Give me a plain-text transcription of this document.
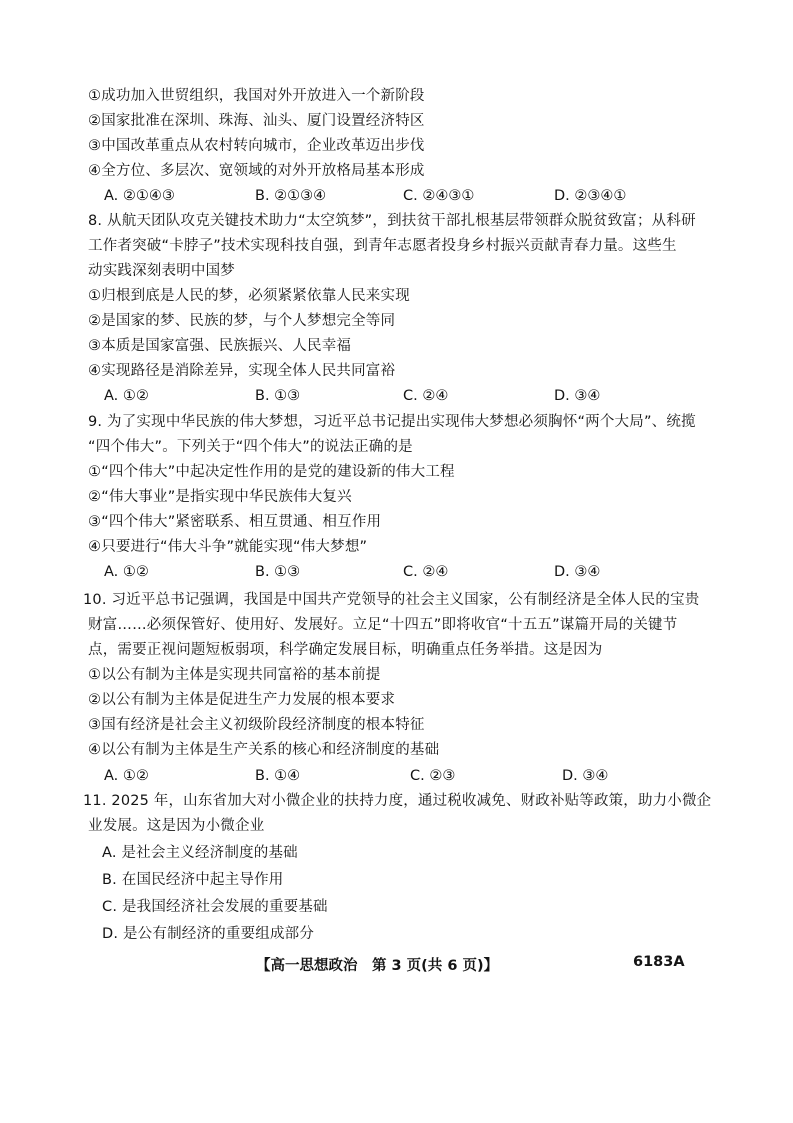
①成功加入世贸组织，我国对外开放进入一个新阶段
②国家批准在深圳、珠海、汕头、厦门设置经济特区
③中国改革重点从农村转向城市，企业改革迈出步伐
④全方位、多层次、宽领域的对外开放格局基本形成
A. ②①④③	B. ②①③④	C. ②④③①	D. ②③④①
8. 从航天团队攻克关键技术助力“太空筑梦”，到扶贫干部扎根基层带领群众脱贫致富；从科研
工作者突破“卡脖子”技术实现科技自强，到青年志愿者投身乡村振兴贡献青春力量。这些生
动实践深刻表明中国梦
①归根到底是人民的梦，必须紧紧依靠人民来实现
②是国家的梦、民族的梦，与个人梦想完全等同
③本质是国家富强、民族振兴、人民幸福
④实现路径是消除差异，实现全体人民共同富裕
A. ①②	B. ①③	C. ②④	D. ③④
9. 为了实现中华民族的伟大梦想，习近平总书记提出实现伟大梦想必须胸怀“两个大局”、统揽
“四个伟大”。下列关于“四个伟大”的说法正确的是
①“四个伟大”中起决定性作用的是党的建设新的伟大工程
②“伟大事业”是指实现中华民族伟大复兴
③“四个伟大”紧密联系、相互贯通、相互作用
④只要进行“伟大斗争”就能实现“伟大梦想”
A. ①②	B. ①③	C. ②④	D. ③④
10. 习近平总书记强调，我国是中国共产党领导的社会主义国家，公有制经济是全体人民的宝贵
财富……必须保管好、使用好、发展好。立足“十四五”即将收官“十五五”谋篇开局的关键节
点，需要正视问题短板弱项，科学确定发展目标，明确重点任务举措。这是因为
①以公有制为主体是实现共同富裕的基本前提
②以公有制为主体是促进生产力发展的根本要求
③国有经济是社会主义初级阶段经济制度的根本特征
④以公有制为主体是生产关系的核心和经济制度的基础
A. ①②	B. ①④	C. ②③	D. ③④
11. 2025 年，山东省加大对小微企业的扶持力度，通过税收减免、财政补贴等政策，助力小微企
业发展。这是因为小微企业
A. 是社会主义经济制度的基础
B. 在国民经济中起主导作用
C. 是我国经济社会发展的重要基础
D. 是公有制经济的重要组成部分
【高一思想政治　第 3 页(共 6 页)】	6183A
